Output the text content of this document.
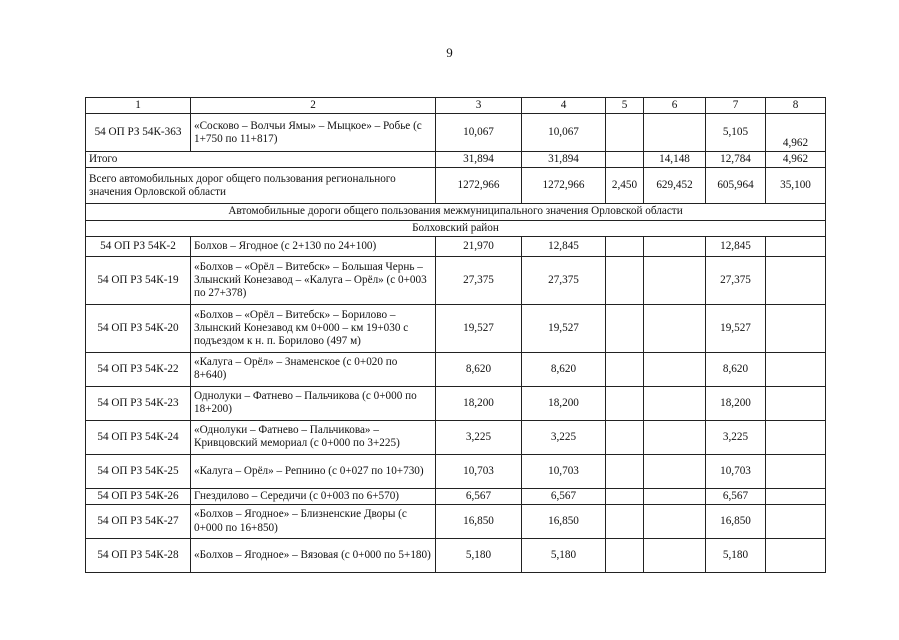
9
1	2	3	4	5	6	7	8
54 ОП РЗ 54К-363	«Сосково – Волчьи Ямы» – Мыцкое» – Робье (с 1+750 по 11+817)	10,067	10,067			5,105	4,962
Итого		31,894	31,894		14,148	12,784	4,962
Всего автомобильных дорог общего пользования регионального значения Орловской области		1272,966	1272,966	2,450	629,452	605,964	35,100
Автомобильные дороги общего пользования межмуниципального значения Орловской области							
Болховский район							
54 ОП РЗ 54К-2	Болхов – Ягодное (с 2+130 по 24+100)	21,970	12,845			12,845	
54 ОП РЗ 54К-19	«Болхов – «Орёл – Витебск» – Большая Чернь – Злынский Конезавод – «Калуга – Орёл» (с 0+003 по 27+378)	27,375	27,375			27,375	
54 ОП РЗ 54К-20	«Болхов – «Орёл – Витебск» – Борилово – Злынский Конезавод км 0+000 – км 19+030 с подъездом к н. п. Борилово (497 м)	19,527	19,527			19,527	
54 ОП РЗ 54К-22	«Калуга – Орёл» – Знаменское (с 0+020 по 8+640)	8,620	8,620			8,620	
54 ОП РЗ 54К-23	Однолуки – Фатнево – Пальчикова (с 0+000 по 18+200)	18,200	18,200			18,200	
54 ОП РЗ 54К-24	«Однолуки – Фатнево – Пальчикова» – Кривцовский мемориал (с 0+000 по 3+225)	3,225	3,225			3,225	
54 ОП РЗ 54К-25	«Калуга – Орёл» – Репнино (с 0+027 по 10+730)	10,703	10,703			10,703	
54 ОП РЗ 54К-26	Гнездилово – Середичи (с 0+003 по 6+570)	6,567	6,567			6,567	
54 ОП РЗ 54К-27	«Болхов – Ягодное» – Близненские Дворы (с 0+000 по 16+850)	16,850	16,850			16,850	
54 ОП РЗ 54К-28	«Болхов – Ягодное» – Вязовая (с 0+000 по 5+180)	5,180	5,180			5,180	
